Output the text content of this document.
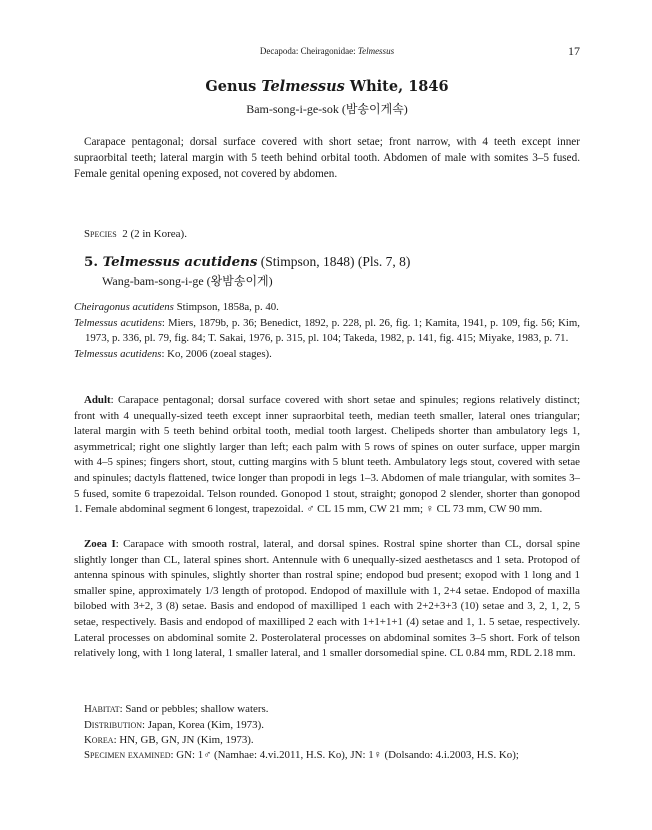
Decapoda: Cheiragonidae: Telmessus	17
Genus Telmessus White, 1846
Bam-song-i-ge-sok (밤송이게속)
Carapace pentagonal; dorsal surface covered with short setae; front narrow, with 4 teeth except inner supraorbital teeth; lateral margin with 5 teeth behind orbital tooth. Abdomen of male with somites 3–5 fused. Female genital opening exposed, not covered by abdomen.
Species 2 (2 in Korea).
5. Telmessus acutidens (Stimpson, 1848) (Pls. 7, 8)
Wang-bam-song-i-ge (왕밤송이게)
Cheiragonus acutidens Stimpson, 1858a, p. 40.
Telmessus acutidens: Miers, 1879b, p. 36; Benedict, 1892, p. 228, pl. 26, fig. 1; Kamita, 1941, p. 109, fig. 56; Kim, 1973, p. 336, pl. 79, fig. 84; T. Sakai, 1976, p. 315, pl. 104; Takeda, 1982, p. 141, fig. 415; Miyake, 1983, p. 71.
Telmessus acutidens: Ko, 2006 (zoeal stages).
Adult: Carapace pentagonal; dorsal surface covered with short setae and spinules; regions relatively distinct; front with 4 unequally-sized teeth except inner supraorbital teeth, median teeth smaller, lateral ones triangular; lateral margin with 5 teeth behind orbital tooth, medial tooth largest. Chelipeds shorter than ambulatory legs 1, asymmetrical; right one slightly larger than left; each palm with 5 rows of spines on outer surface, upper margin with 4–5 spines; fingers short, stout, cutting margins with 5 blunt teeth. Ambulatory legs stout, covered with setae and spinules; dactyls flattened, twice longer than propodi in legs 1–3. Abdomen of male triangular, with somites 3–5 fused, somite 6 trapezoidal. Telson rounded. Gonopod 1 stout, straight; gonopod 2 slender, shorter than gonopod 1. Female abdominal segment 6 longest, trapezoidal. ♂ CL 15 mm, CW 21 mm; ♀ CL 73 mm, CW 90 mm.
Zoea I: Carapace with smooth rostral, lateral, and dorsal spines. Rostral spine shorter than CL, dorsal spine slightly longer than CL, lateral spines short. Antennule with 6 unequally-sized aesthetascs and 1 seta. Protopod of antenna spinous with spinules, slightly shorter than rostral spine; endopod bud present; exopod with 1 long and 1 smaller spine, approximately 1/3 length of protopod. Endopod of maxillule with 1, 2+4 setae. Endopod of maxilla bilobed with 3+2, 3 (8) setae. Basis and endopod of maxilliped 1 each with 2+2+3+3 (10) setae and 3, 2, 1, 2, 5 setae, respectively. Basis and endopod of maxilliped 2 each with 1+1+1+1 (4) setae and 1, 1. 5 setae, respectively. Lateral processes on abdominal somite 2. Posterolateral processes on abdominal somites 3–5 short. Fork of telson relatively long, with 1 long lateral, 1 smaller lateral, and 1 smaller dorsomedial spine. CL 0.84 mm, RDL 2.18 mm.
Habitat: Sand or pebbles; shallow waters.
Distribution: Japan, Korea (Kim, 1973).
Korea: HN, GB, GN, JN (Kim, 1973).
Specimen examined: GN: 1♂ (Namhae: 4.vi.2011, H.S. Ko), JN: 1♀ (Dolsando: 4.i.2003, H.S. Ko);
